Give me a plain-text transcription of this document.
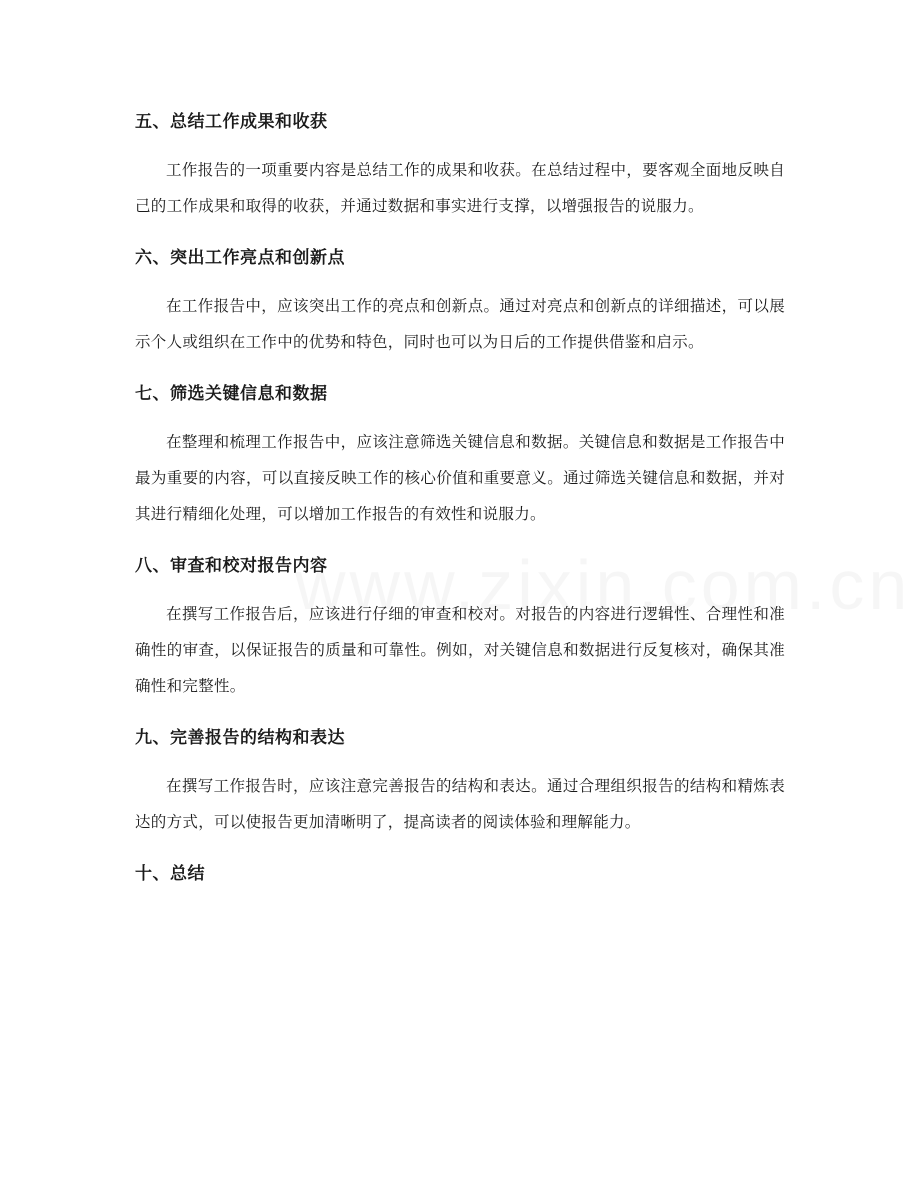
五、总结工作成果和收获

工作报告的一项重要内容是总结工作的成果和收获。在总结过程中，要客观全面地反映自己的工作成果和取得的收获，并通过数据和事实进行支撑，以增强报告的说服力。

六、突出工作亮点和创新点

在工作报告中，应该突出工作的亮点和创新点。通过对亮点和创新点的详细描述，可以展示个人或组织在工作中的优势和特色，同时也可以为日后的工作提供借鉴和启示。

七、筛选关键信息和数据

在整理和梳理工作报告中，应该注意筛选关键信息和数据。关键信息和数据是工作报告中最为重要的内容，可以直接反映工作的核心价值和重要意义。通过筛选关键信息和数据，并对其进行精细化处理，可以增加工作报告的有效性和说服力。

八、审查和校对报告内容

在撰写工作报告后，应该进行仔细的审查和校对。对报告的内容进行逻辑性、合理性和准确性的审查，以保证报告的质量和可靠性。例如，对关键信息和数据进行反复核对，确保其准确性和完整性。

九、完善报告的结构和表达

在撰写工作报告时，应该注意完善报告的结构和表达。通过合理组织报告的结构和精炼表达的方式，可以使报告更加清晰明了，提高读者的阅读体验和理解能力。

十、总结
